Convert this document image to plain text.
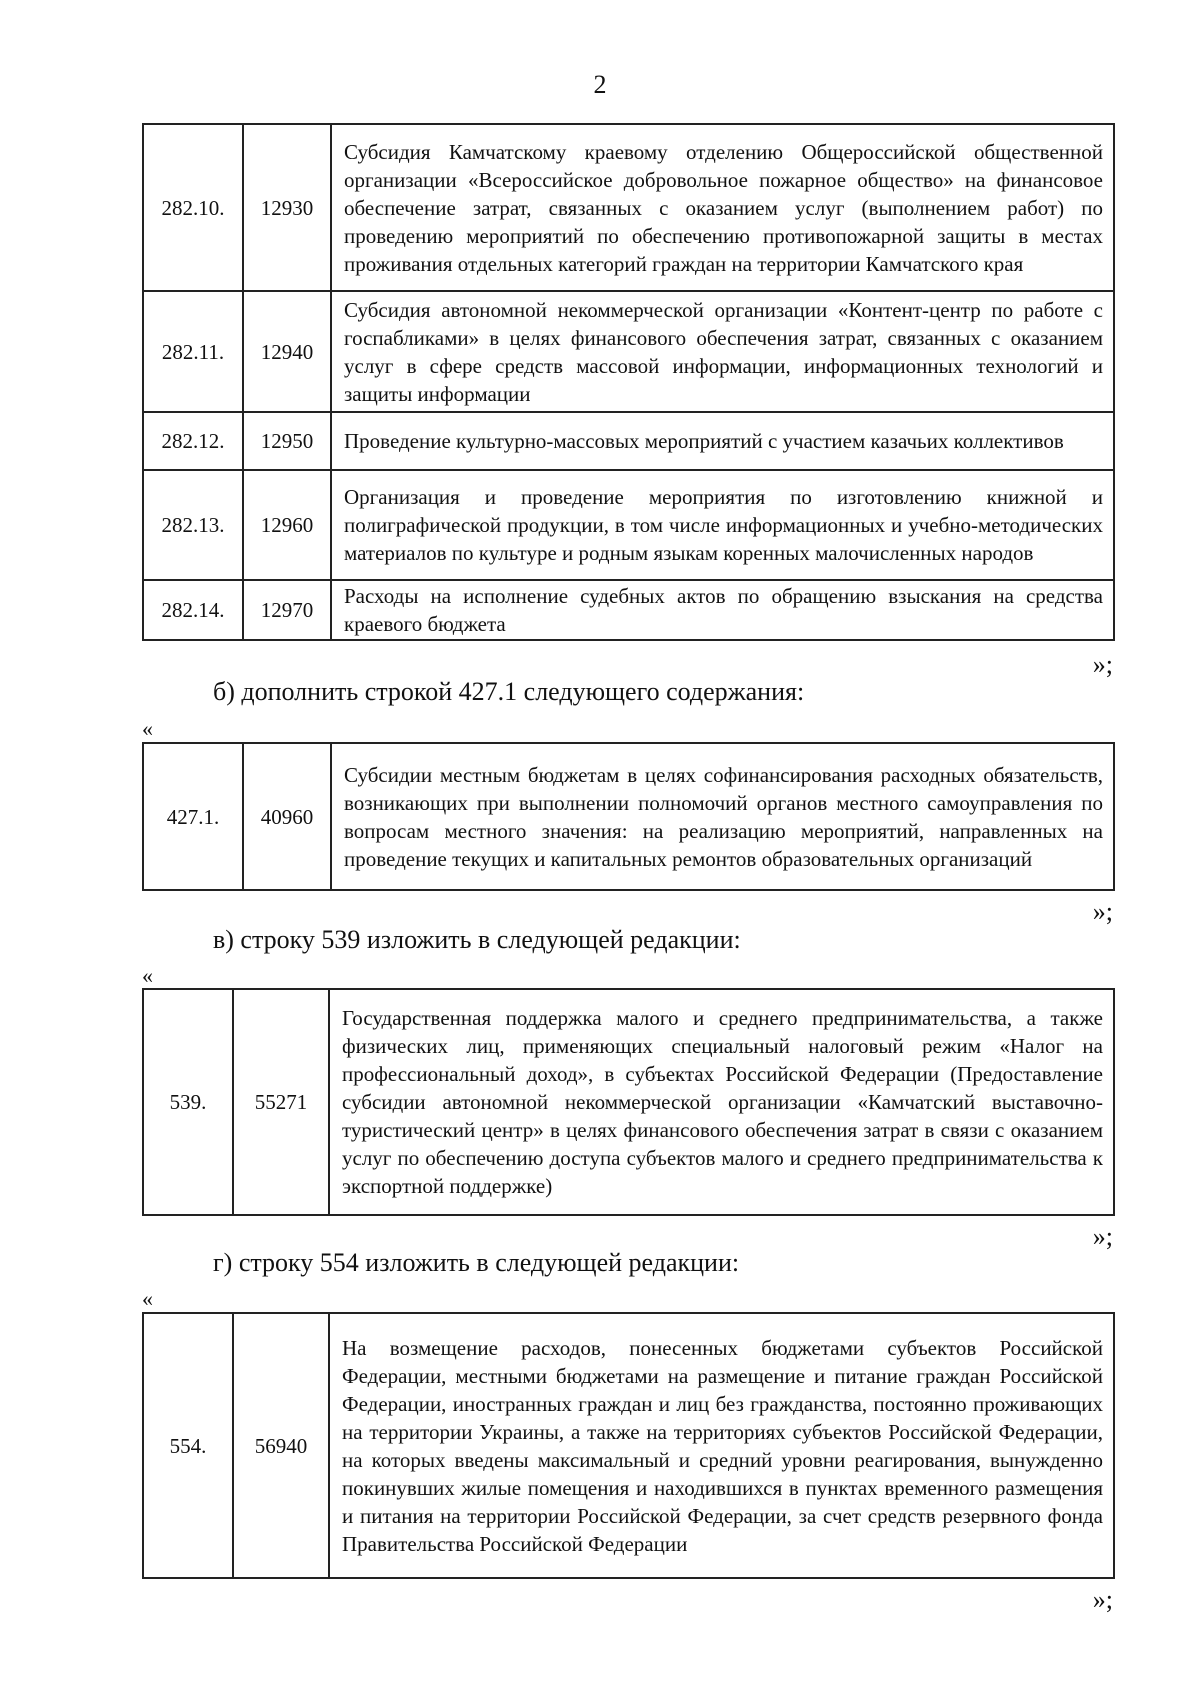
2
282.10.	12930	Субсидия Камчатскому краевому отделению Общероссийской общественной организации «Всероссийское добровольное пожарное общество» на финансовое обеспечение затрат, связанных с оказанием услуг (выполнением работ) по проведению мероприятий по обеспечению противопожарной защиты в местах проживания отдельных категорий граждан на территории Камчатского края
282.11.	12940	Субсидия автономной некоммерческой организации «Контент-центр по работе с госпабликами» в целях финансового обеспечения затрат, связанных с оказанием услуг в сфере средств массовой информации, информационных технологий и защиты информации
282.12.	12950	Проведение культурно-массовых мероприятий с участием казачьих коллективов
282.13.	12960	Организация и проведение мероприятия по изготовлению книжной и полиграфической продукции, в том числе информационных и учебно-методических материалов по культуре и родным языкам коренных малочисленных народов
282.14.	12970	Расходы на исполнение судебных актов по обращению взыскания на средства краевого бюджета
»;
б) дополнить строкой 427.1 следующего содержания:
«
427.1.	40960	Субсидии местным бюджетам в целях софинансирования расходных обязательств, возникающих при выполнении полномочий органов местного самоуправления по вопросам местного значения: на реализацию мероприятий, направленных на проведение текущих и капитальных ремонтов образовательных организаций
»;
в) строку 539 изложить в следующей редакции:
«
539.	55271	Государственная поддержка малого и среднего предпринимательства, а также физических лиц, применяющих специальный налоговый режим «Налог на профессиональный доход», в субъектах Российской Федерации (Предоставление субсидии автономной некоммерческой организации «Камчатский выставочно-туристический центр» в целях финансового обеспечения затрат в связи с оказанием услуг по обеспечению доступа субъектов малого и среднего предпринимательства к экспортной поддержке)
»;
г) строку 554 изложить в следующей редакции:
«
554.	56940	На возмещение расходов, понесенных бюджетами субъектов Российской Федерации, местными бюджетами на размещение и питание граждан Российской Федерации, иностранных граждан и лиц без гражданства, постоянно проживающих на территории Украины, а также на территориях субъектов Российской Федерации, на которых введены максимальный и средний уровни реагирования, вынужденно покинувших жилые помещения и находившихся в пунктах временного размещения и питания на территории Российской Федерации, за счет средств резервного фонда Правительства Российской Федерации
»;
